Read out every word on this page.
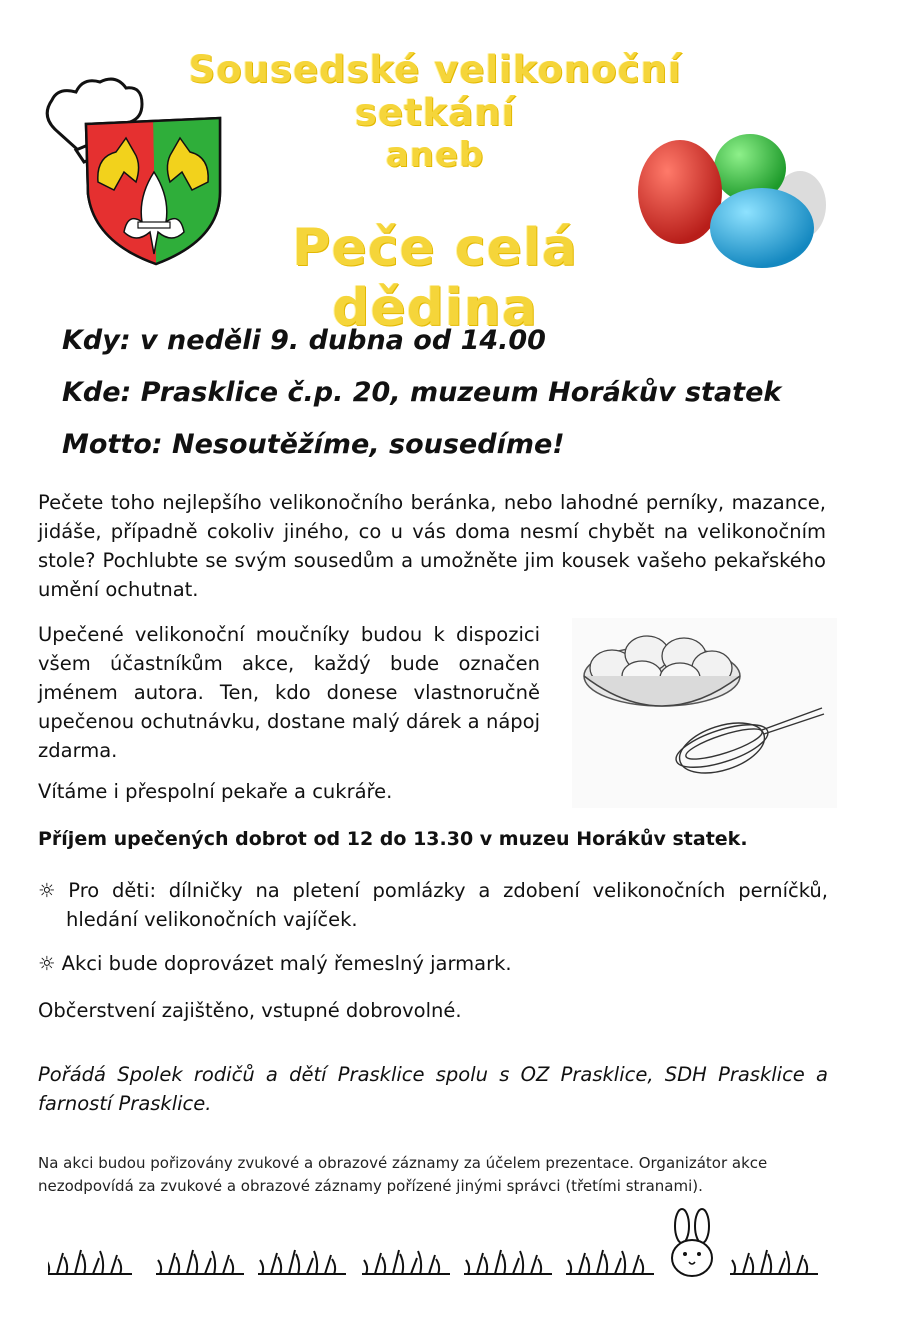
Sousedské velikonoční setkání
aneb
Peče celá dědina
Kdy: v neděli 9. dubna od 14.00
Kde: Prasklice č.p. 20, muzeum Horákův statek
Motto: Nesoutěžíme, sousedíme!
Pečete toho nejlepšího velikonočního beránka, nebo lahodné perníky, mazance, jidáše, případně cokoliv jiného, co u vás doma nesmí chybět na velikonočním stole? Pochlubte se svým sousedům a umožněte jim kousek vašeho pekařského umění ochutnat.
Upečené velikonoční moučníky budou k dispozici všem účastníkům akce, každý bude označen jménem autora. Ten, kdo donese vlastnoručně upečenou ochutnávku, dostane malý dárek a nápoj zdarma.
Vítáme i přespolní pekaře a cukráře.
Příjem upečených dobrot od 12 do 13.30 v muzeu Horákův statek.
☼ Pro děti: dílničky na pletení pomlázky a zdobení velikonočních perníčků, hledání velikonočních vajíček.
☼ Akci bude doprovázet malý řemeslný jarmark.
Občerstvení zajištěno, vstupné dobrovolné.
Pořádá Spolek rodičů a dětí Prasklice spolu s OZ Prasklice, SDH Prasklice a farností Prasklice.
Na akci budou pořizovány zvukové a obrazové záznamy za účelem prezentace. Organizátor akce nezodpovídá za zvukové a obrazové záznamy pořízené jinými správci (třetími stranami).
